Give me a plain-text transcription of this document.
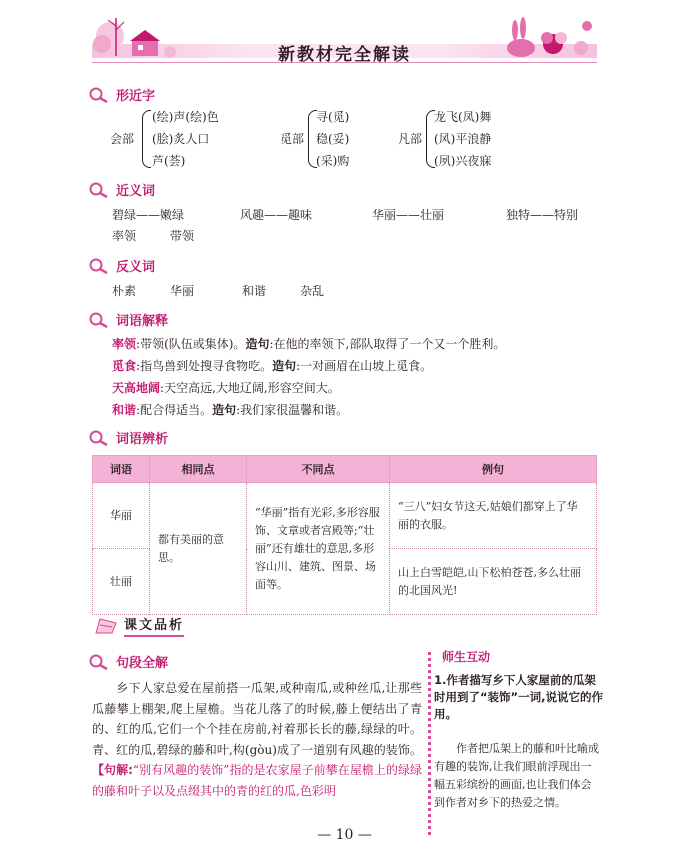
新教材完全解读
形近字
会部
(绘)声(绘)色
(脍)炙人口
芦(荟)
觅部
寻(觅)
稳(妥)
(采)购
凡部
龙飞(凤)舞
(风)平浪静
(夙)兴夜寐
近义词
碧绿——嫩绿	风趣——趣味	华丽——壮丽	独特——特别
率领	带领
反义词
朴素	华丽	和谐	杂乱
词语解释
率领:带领(队伍或集体)。造句:在他的率领下,部队取得了一个又一个胜利。
觅食:指鸟兽到处搜寻食物吃。造句:一对画眉在山坡上觅食。
天高地阔:天空高远,大地辽阔,形容空间大。
和谐:配合得适当。造句:我们家很温馨和谐。
词语辨析
词语	相同点	不同点	例句
华丽	都有美丽的意思。	“华丽”指有光彩,多形容服饰、文章或者宫殿等;“壮丽”还有雄壮的意思,多形容山川、建筑、图景、场面等。	“三八”妇女节这天,姑娘们都穿上了华丽的衣服。
壮丽			山上白雪皑皑,山下松柏苍苍,多么壮丽的北国风光!
课文品析
句段全解
乡下人家总爱在屋前搭一瓜架,或种南瓜,或种丝瓜,让那些瓜藤攀上棚架,爬上屋檐。当花儿落了的时候,藤上便结出了青的、红的瓜,它们一个个挂在房前,衬着那长长的藤,绿绿的叶。青、红的瓜,碧绿的藤和叶,构(gòu)成了一道别有风趣的装饰。【句解:“别有风趣的装饰”指的是农家屋子前攀在屋檐上的绿绿的藤和叶子以及点缀其中的青的红的瓜,色彩明
师生互动
1.作者描写乡下人家屋前的瓜架时用到了“装饰”一词,说说它的作用。
作者把瓜架上的藤和叶比喻成有趣的装饰,让我们眼前浮现出一幅五彩缤纷的画面,也让我们体会到作者对乡下的热爱之情。
— 10 —
